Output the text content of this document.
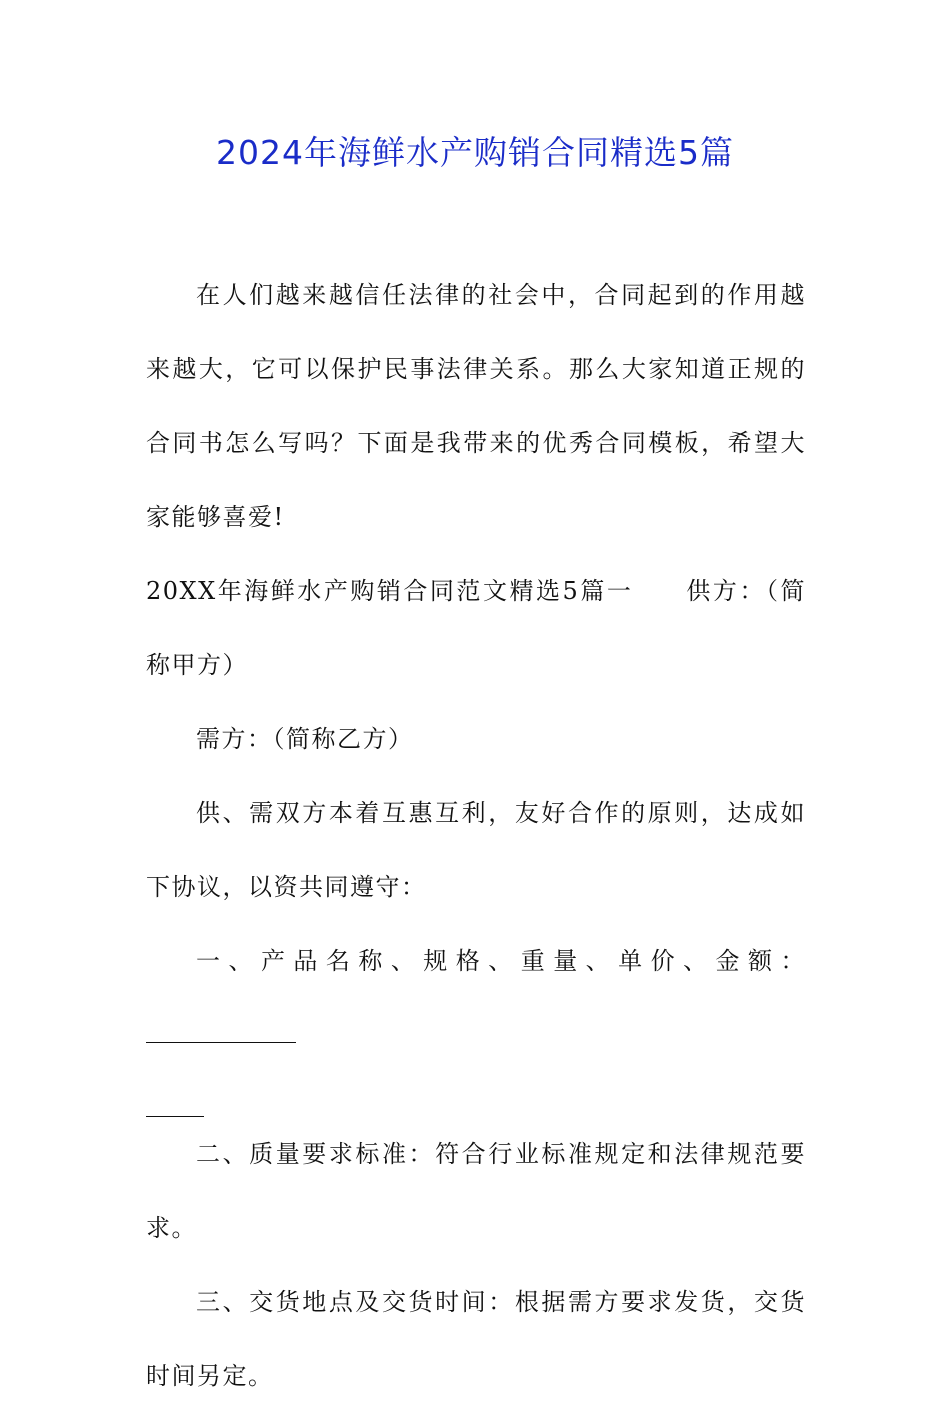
2024年海鲜水产购销合同精选5篇

在人们越来越信任法律的社会中，合同起到的作用越来越大，它可以保护民事法律关系。那么大家知道正规的合同书怎么写吗？下面是我带来的优秀合同模板，希望大家能够喜爱!

20XX年海鲜水产购销合同范文精选5篇一　　供方：（简称甲方）

需方：（简称乙方）

供、需双方本着互惠互利，友好合作的原则，达成如下协议，以资共同遵守：

一、产品名称、规格、重量、单价、金额：

二、质量要求标准：符合行业标准规定和法律规范要求。

三、交货地点及交货时间：根据需方要求发货，交货时间另定。
